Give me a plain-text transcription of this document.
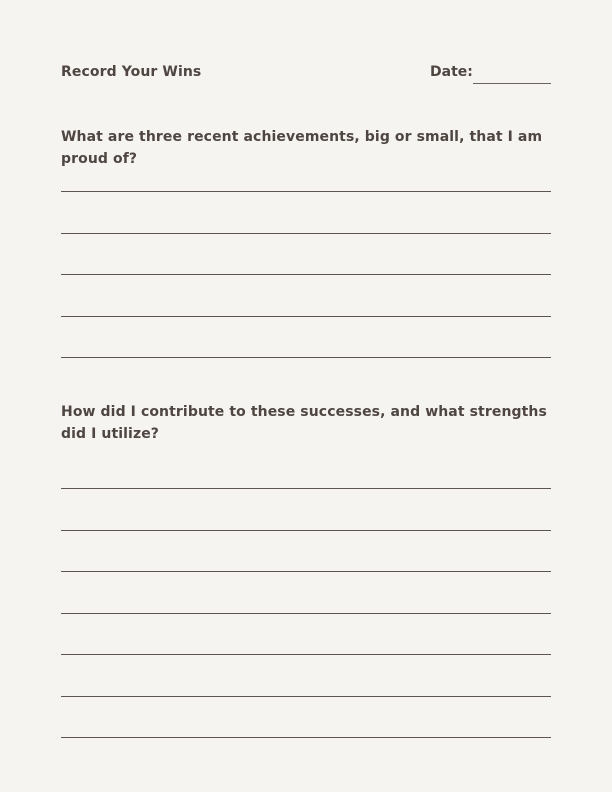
Record Your Wins	Date:
What are three recent achievements, big or small, that I am proud of?
How did I contribute to these successes, and what strengths did I utilize?
